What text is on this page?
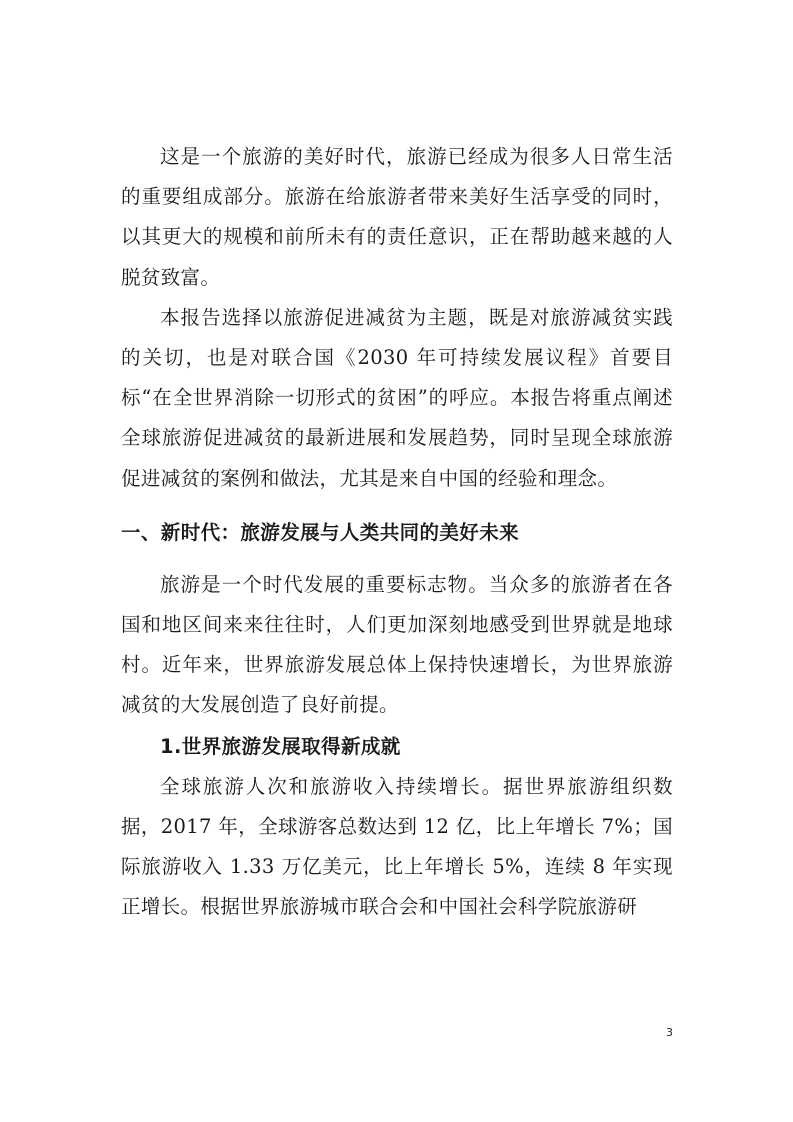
这是一个旅游的美好时代，旅游已经成为很多人日常生活的重要组成部分。旅游在给旅游者带来美好生活享受的同时，以其更大的规模和前所未有的责任意识，正在帮助越来越的人脱贫致富。

本报告选择以旅游促进减贫为主题，既是对旅游减贫实践的关切，也是对联合国《2030 年可持续发展议程》首要目标“在全世界消除一切形式的贫困”的呼应。本报告将重点阐述全球旅游促进减贫的最新进展和发展趋势，同时呈现全球旅游促进减贫的案例和做法，尤其是来自中国的经验和理念。

一、新时代：旅游发展与人类共同的美好未来

旅游是一个时代发展的重要标志物。当众多的旅游者在各国和地区间来来往往时，人们更加深刻地感受到世界就是地球村。近年来，世界旅游发展总体上保持快速增长，为世界旅游减贫的大发展创造了良好前提。

1.世界旅游发展取得新成就

全球旅游人次和旅游收入持续增长。据世界旅游组织数据，2017 年，全球游客总数达到 12 亿，比上年增长 7%；国际旅游收入 1.33 万亿美元，比上年增长 5%，连续 8 年实现正增长。根据世界旅游城市联合会和中国社会科学院旅游研

3
